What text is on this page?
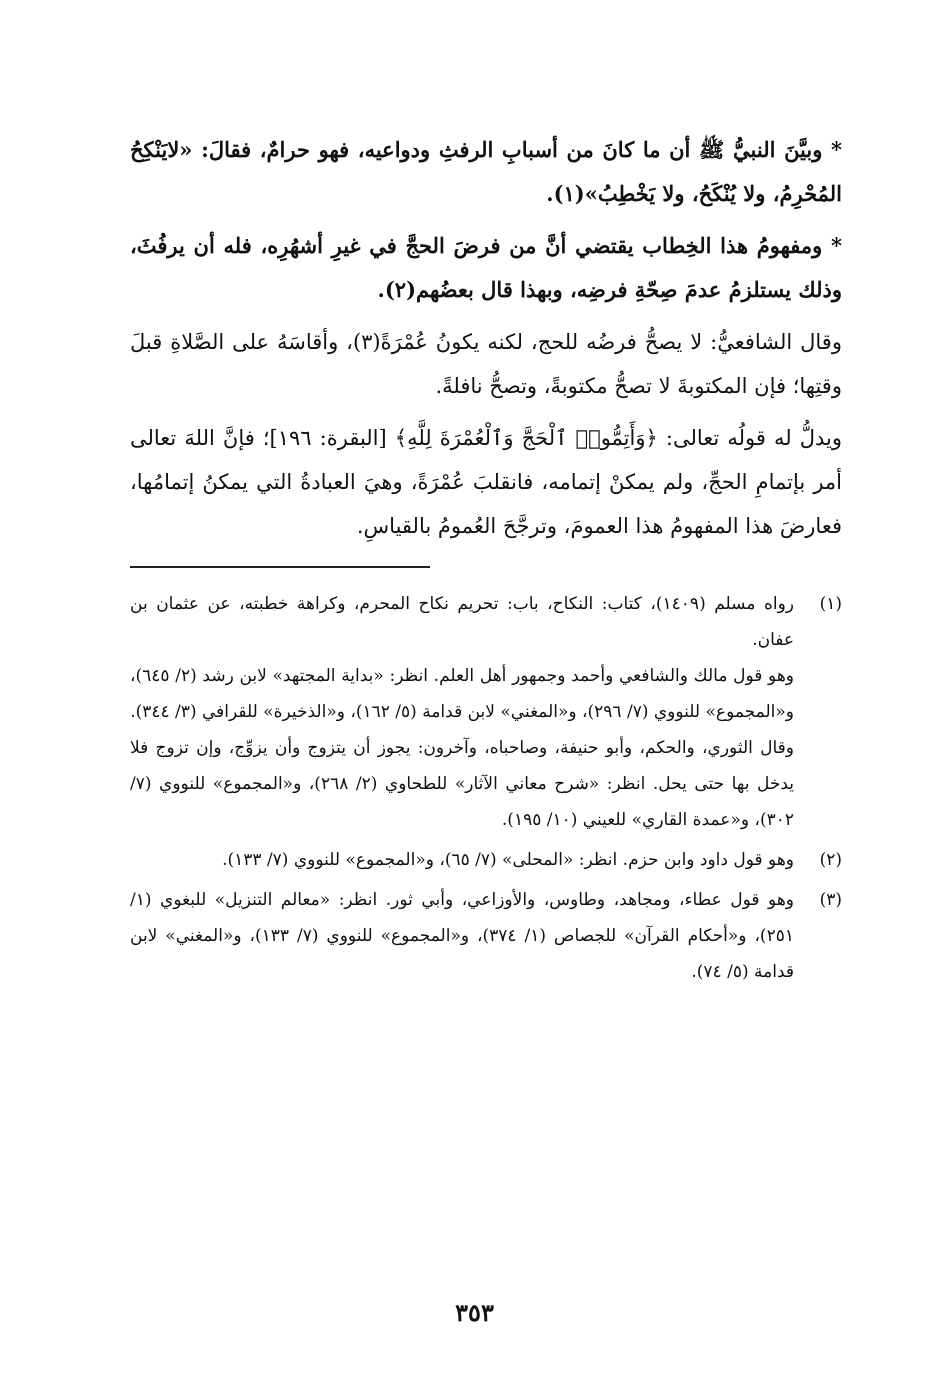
* وبيَّنَ النبيُّ ﷺ أن ما كانَ من أسبابِ الرفثِ ودواعيه، فهو حرامٌ، فقالَ: «لايَنْكِحُ المُحْرِمُ، ولا يُنْكَحُ، ولا يَخْطِبُ»(١).

* ومفهومُ هذا الخِطاب يقتضي أنَّ من فرضَ الحجَّ في غيرِ أشهُرِه، فله أن يرفُثَ، وذلك يستلزمُ عدمَ صِحّةِ فرضِه، وبهذا قال بعضُهم(٢).

وقال الشافعيُّ: لا يصحُّ فرضُه للحج، لكنه يكونُ عُمْرَةً(٣)، وأقاسَهُ على الصَّلاةِ قبلَ وقتِها؛ فإن المكتوبةَ لا تصحُّ مكتوبةً، وتصحُّ نافلةً.

ويدلُّ له قولُه تعالى: ﴿وَأَتِمُّوا۟ ٱلْحَجَّ وَٱلْعُمْرَةَ لِلَّهِ﴾ [البقرة: ١٩٦]؛ فإنَّ اللهَ تعالى أمر بإتمامِ الحجِّ، ولم يمكنْ إتمامه، فانقلبَ عُمْرَةً، وهيَ العبادةُ التي يمكنُ إتمامُها، فعارضَ هذا المفهومُ هذا العمومَ، وترجَّحَ العُمومُ بالقياسِ.

(١)

رواه مسلم (١٤٠٩)، كتاب: النكاح، باب: تحريم نكاح المحرم، وكراهة خطبته، عن عثمان بن عفان.

وهو قول مالك والشافعي وأحمد وجمهور أهل العلم. انظر: «بداية المجتهد» لابن رشد (٢/ ٦٤٥)، و«المجموع» للنووي (٧/ ٢٩٦)، و«المغني» لابن قدامة (٥/ ١٦٢)، و«الذخيرة» للقرافي (٣/ ٣٤٤).

وقال الثوري، والحكم، وأبو حنيفة، وصاحباه، وآخرون: يجوز أن يتزوج وأن يزوِّج، وإن تزوج فلا يدخل بها حتى يحل. انظر: «شرح معاني الآثار» للطحاوي (٢/ ٢٦٨)، و«المجموع» للنووي (٧/ ٣٠٢)، و«عمدة القاري» للعيني (١٠/ ١٩٥).

(٢)

وهو قول داود وابن حزم. انظر: «المحلى» (٧/ ٦٥)، و«المجموع» للنووي (٧/ ١٣٣).

(٣)

وهو قول عطاء، ومجاهد، وطاوس، والأوزاعي، وأبي ثور. انظر: «معالم التنزيل» للبغوي (١/ ٢٥١)، و«أحكام القرآن» للجصاص (١/ ٣٧٤)، و«المجموع» للنووي (٧/ ١٣٣)، و«المغني» لابن قدامة (٥/ ٧٤).

٣٥٣
